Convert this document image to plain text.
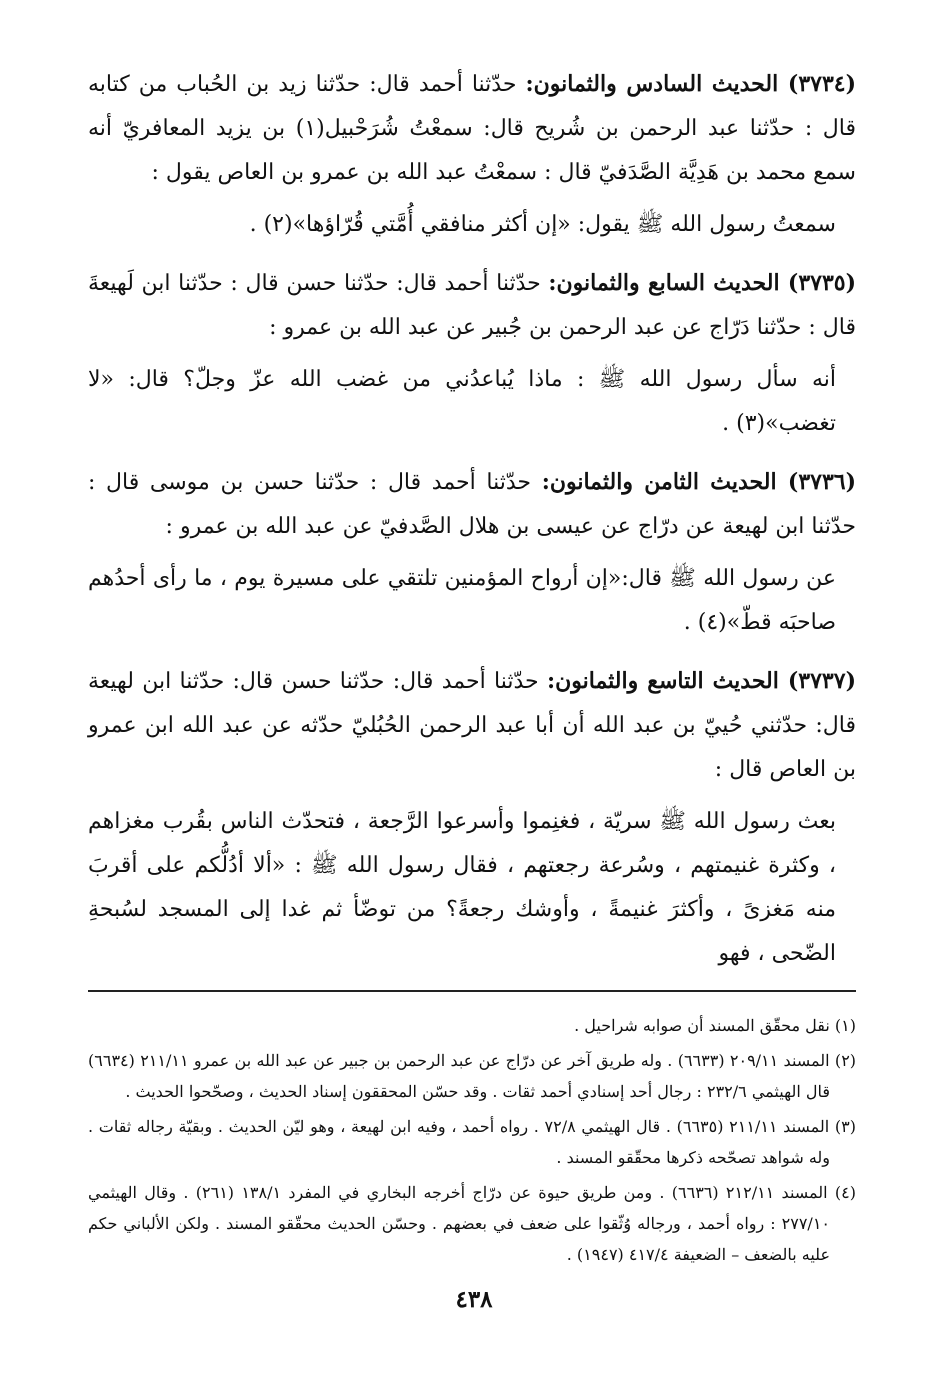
(٣٧٣٤) الحديث السادس والثمانون: حدّثنا أحمد قال: حدّثنا زيد بن الحُباب من كتابه قال : حدّثنا عبد الرحمن بن شُريح قال: سمعْتُ شُرَحْبيل(١) بن يزيد المعافريّ أنه سمع محمد بن هَدِيَّة الصَّدَفيّ قال : سمعْتُ عبد الله بن عمرو بن العاص يقول :

سمعتُ رسول الله ﷺ يقول: «إن أكثر منافقي أُمَّتي قُرّاؤها»(٢) .

(٣٧٣٥) الحديث السابع والثمانون: حدّثنا أحمد قال: حدّثنا حسن قال : حدّثنا ابن لَهيعةَ قال : حدّثنا دَرّاج عن عبد الرحمن بن جُبير عن عبد الله بن عمرو :

أنه سأل رسول الله ﷺ : ماذا يُباعدُني من غضب الله عزّ وجلّ؟ قال: «لا تغضب»(٣) .

(٣٧٣٦) الحديث الثامن والثمانون: حدّثنا أحمد قال : حدّثنا حسن بن موسى قال : حدّثنا ابن لهيعة عن درّاج عن عيسى بن هلال الصَّدفيّ عن عبد الله بن عمرو :

عن رسول الله ﷺ قال:«إن أرواح المؤمنين تلتقي على مسيرة يوم ، ما رأى أحدُهم صاحبَه قطّ»(٤) .

(٣٧٣٧) الحديث التاسع والثمانون: حدّثنا أحمد قال: حدّثنا حسن قال: حدّثنا ابن لهيعة قال: حدّثني حُييّ بن عبد الله أن أبا عبد الرحمن الحُبُليّ حدّثه عن عبد الله ابن عمرو بن العاص قال :

بعث رسول الله ﷺ سريّة ، فغنِموا وأسرعوا الرَّجعة ، فتحدّث الناس بقُرب مغزاهم ، وكثرة غنيمتهم ، وسُرعة رجعتهم ، فقال رسول الله ﷺ : «ألا أدُلُّكم على أقربَ منه مَغزىً ، وأكثرَ غنيمةً ، وأوشك رجعةً؟ من توضّأ ثم غدا إلى المسجد لسُبحةِ الضّحى ، فهو

(١) نقل محقّق المسند أن صوابه شراحيل .

(٢) المسند ٢٠٩/١١ (٦٦٣٣) . وله طريق آخر عن درّاج عن عبد الرحمن بن جبير عن عبد الله بن عمرو ٢١١/١١ (٦٦٣٤) قال الهيثمي ٢٣٢/٦ : رجال أحد إسنادي أحمد ثقات . وقد حسّن المحققون إسناد الحديث ، وصحّحوا الحديث .

(٣) المسند ٢١١/١١ (٦٦٣٥) . قال الهيثمي ٧٢/٨ . رواه أحمد ، وفيه ابن لهيعة ، وهو ليّن الحديث . وبقيّة رجاله ثقات . وله شواهد تصحّحه ذكرها محقّقو المسند .

(٤) المسند ٢١٢/١١ (٦٦٣٦) . ومن طريق حيوة عن درّاج أخرجه البخاري في المفرد ١٣٨/١ (٢٦١) . وقال الهيثمي ٢٧٧/١٠ : رواه أحمد ، ورجاله وُثّقوا على ضعف في بعضهم . وحسّن الحديث محقّقو المسند . ولكن الألباني حكم عليه بالضعف – الضعيفة ٤١٧/٤ (١٩٤٧) .

٤٣٨
